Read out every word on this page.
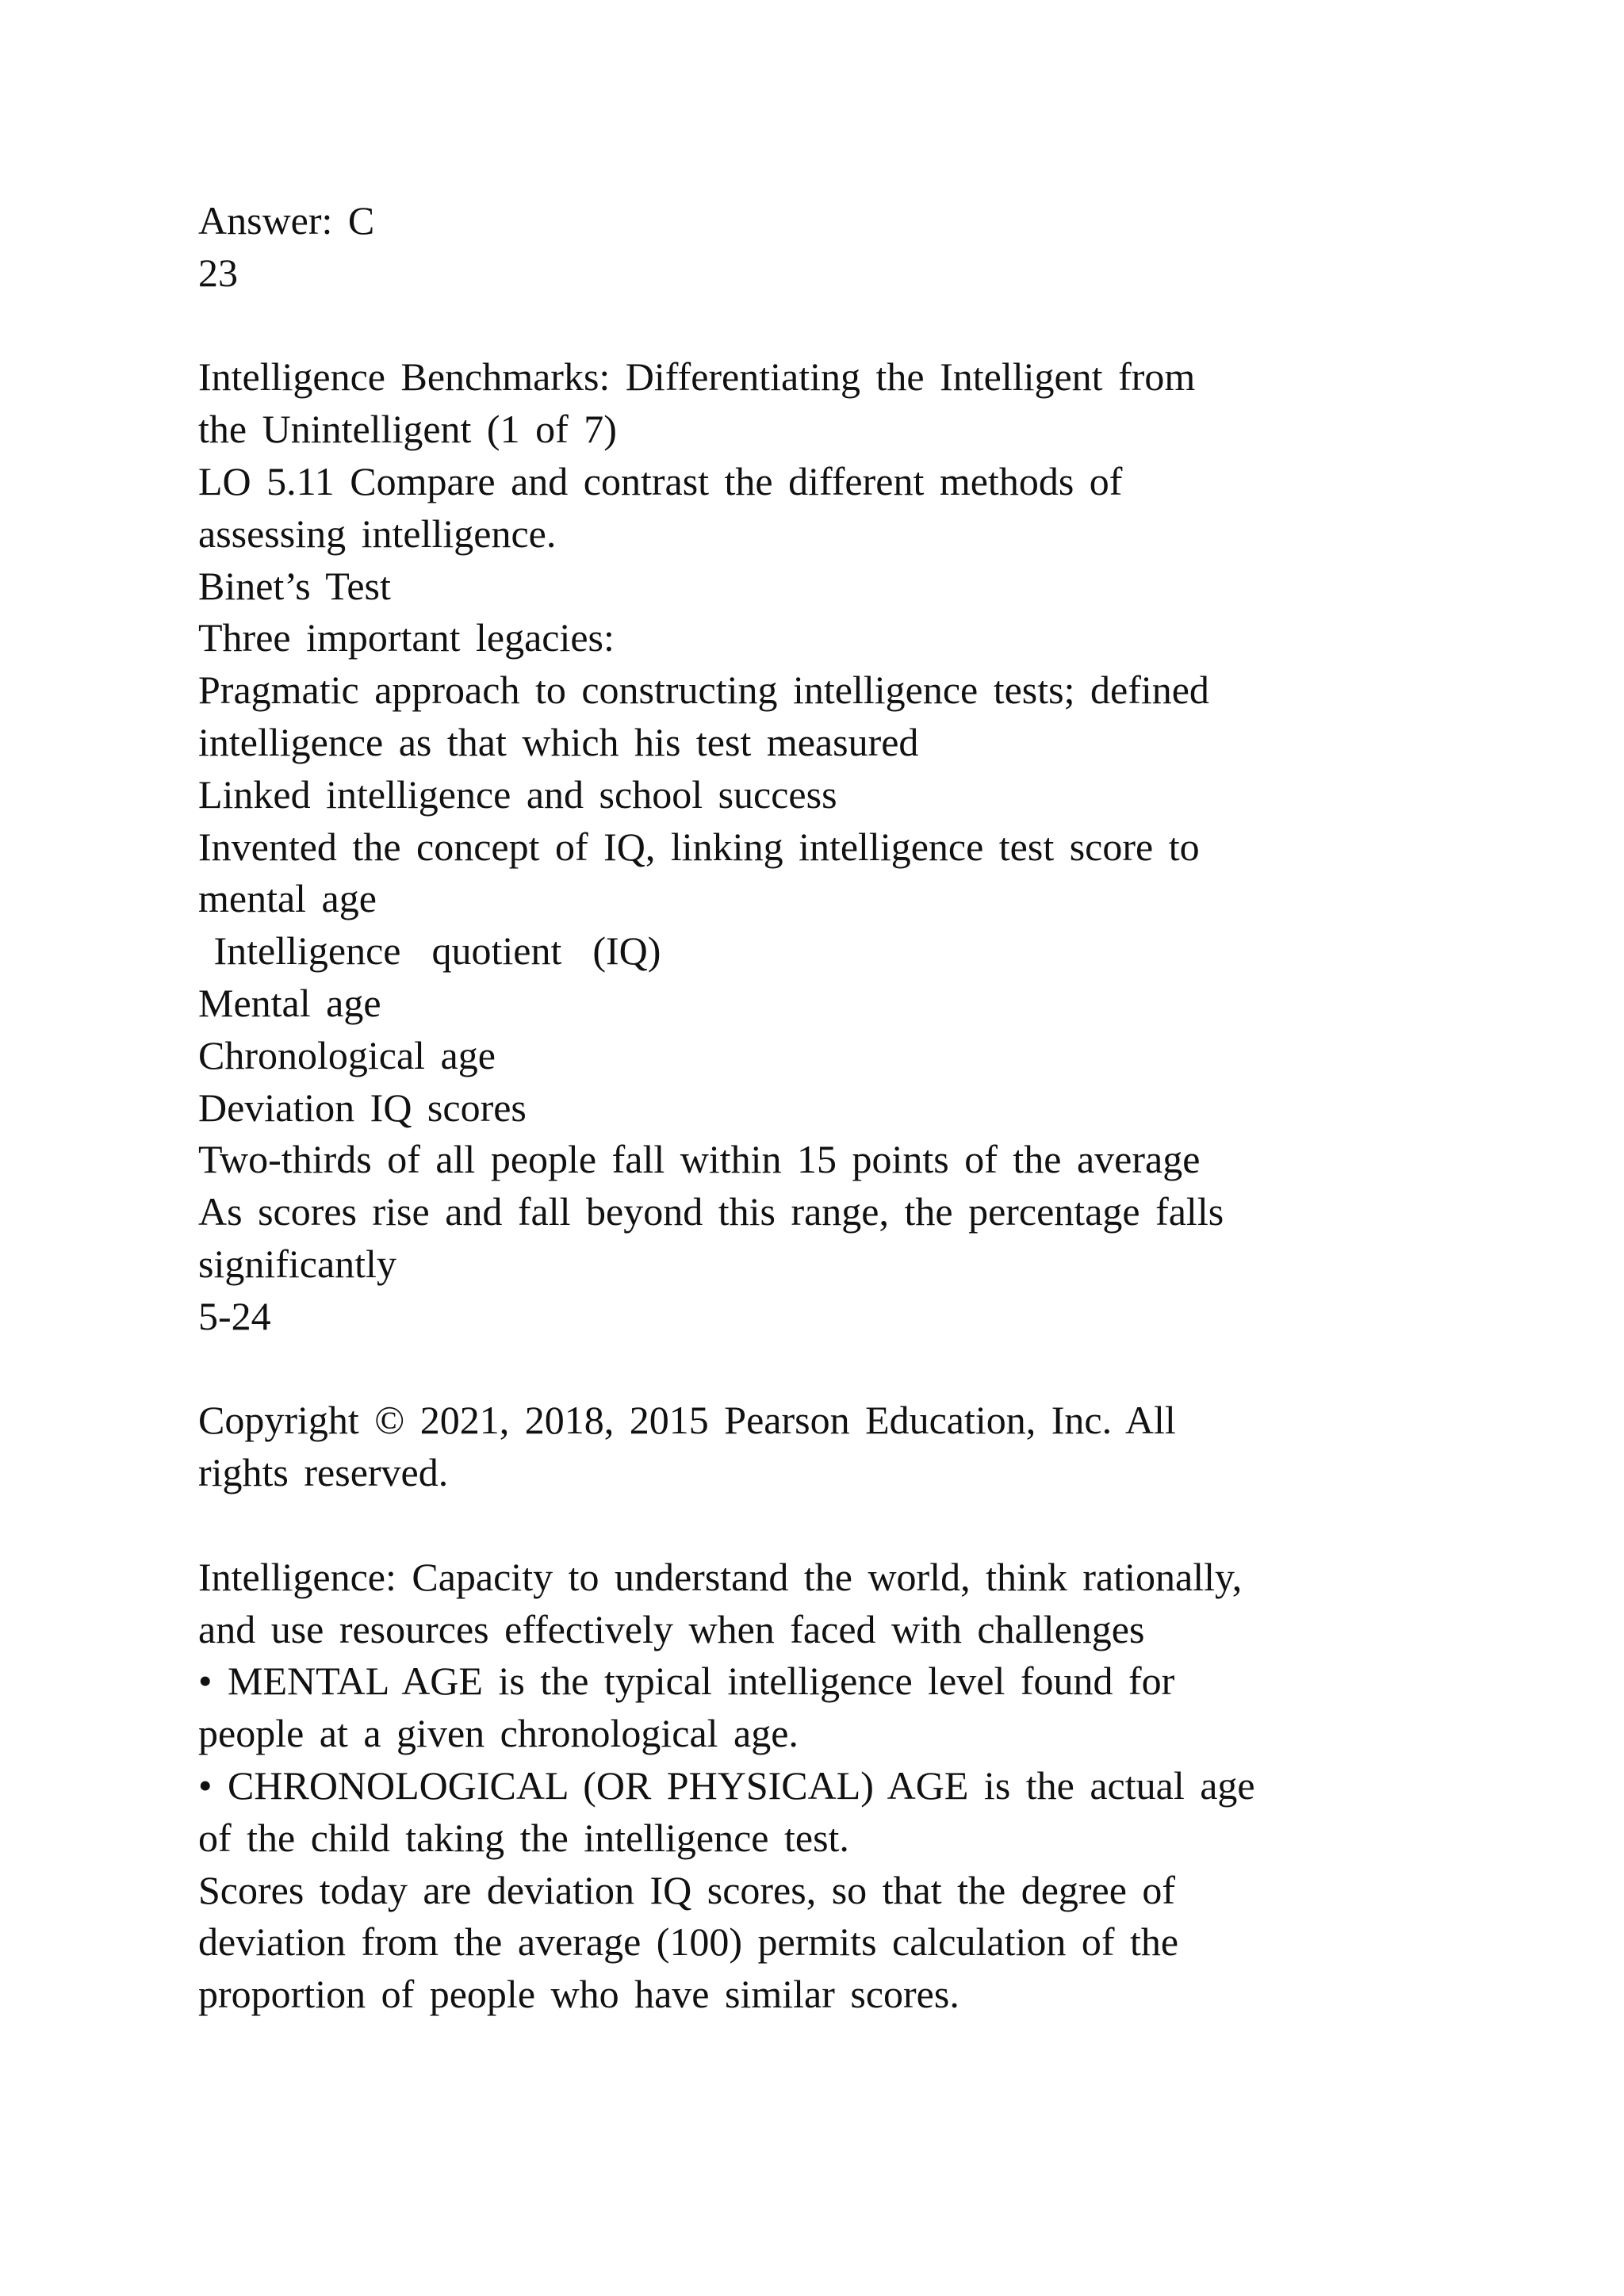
Answer: C
23
Intelligence Benchmarks: Differentiating the Intelligent from
the Unintelligent (1 of 7)
LO 5.11 Compare and contrast the different methods of
assessing intelligence.
Binet’s Test
Three important legacies:
Pragmatic approach to constructing intelligence tests; defined
intelligence as that which his test measured
Linked intelligence and school success
Invented the concept of IQ, linking intelligence test score to
mental age
Intelligence  quotient  (IQ)
Mental age
Chronological age
Deviation IQ scores
Two-thirds of all people fall within 15 points of the average
As scores rise and fall beyond this range, the percentage falls
significantly
5-24
Copyright © 2021, 2018, 2015 Pearson Education, Inc. All
rights reserved.
Intelligence: Capacity to understand the world, think rationally,
and use resources effectively when faced with challenges
• MENTAL AGE is the typical intelligence level found for
people at a given chronological age.
• CHRONOLOGICAL (OR PHYSICAL) AGE is the actual age
of the child taking the intelligence test.
Scores today are deviation IQ scores, so that the degree of
deviation from the average (100) permits calculation of the
proportion of people who have similar scores.
